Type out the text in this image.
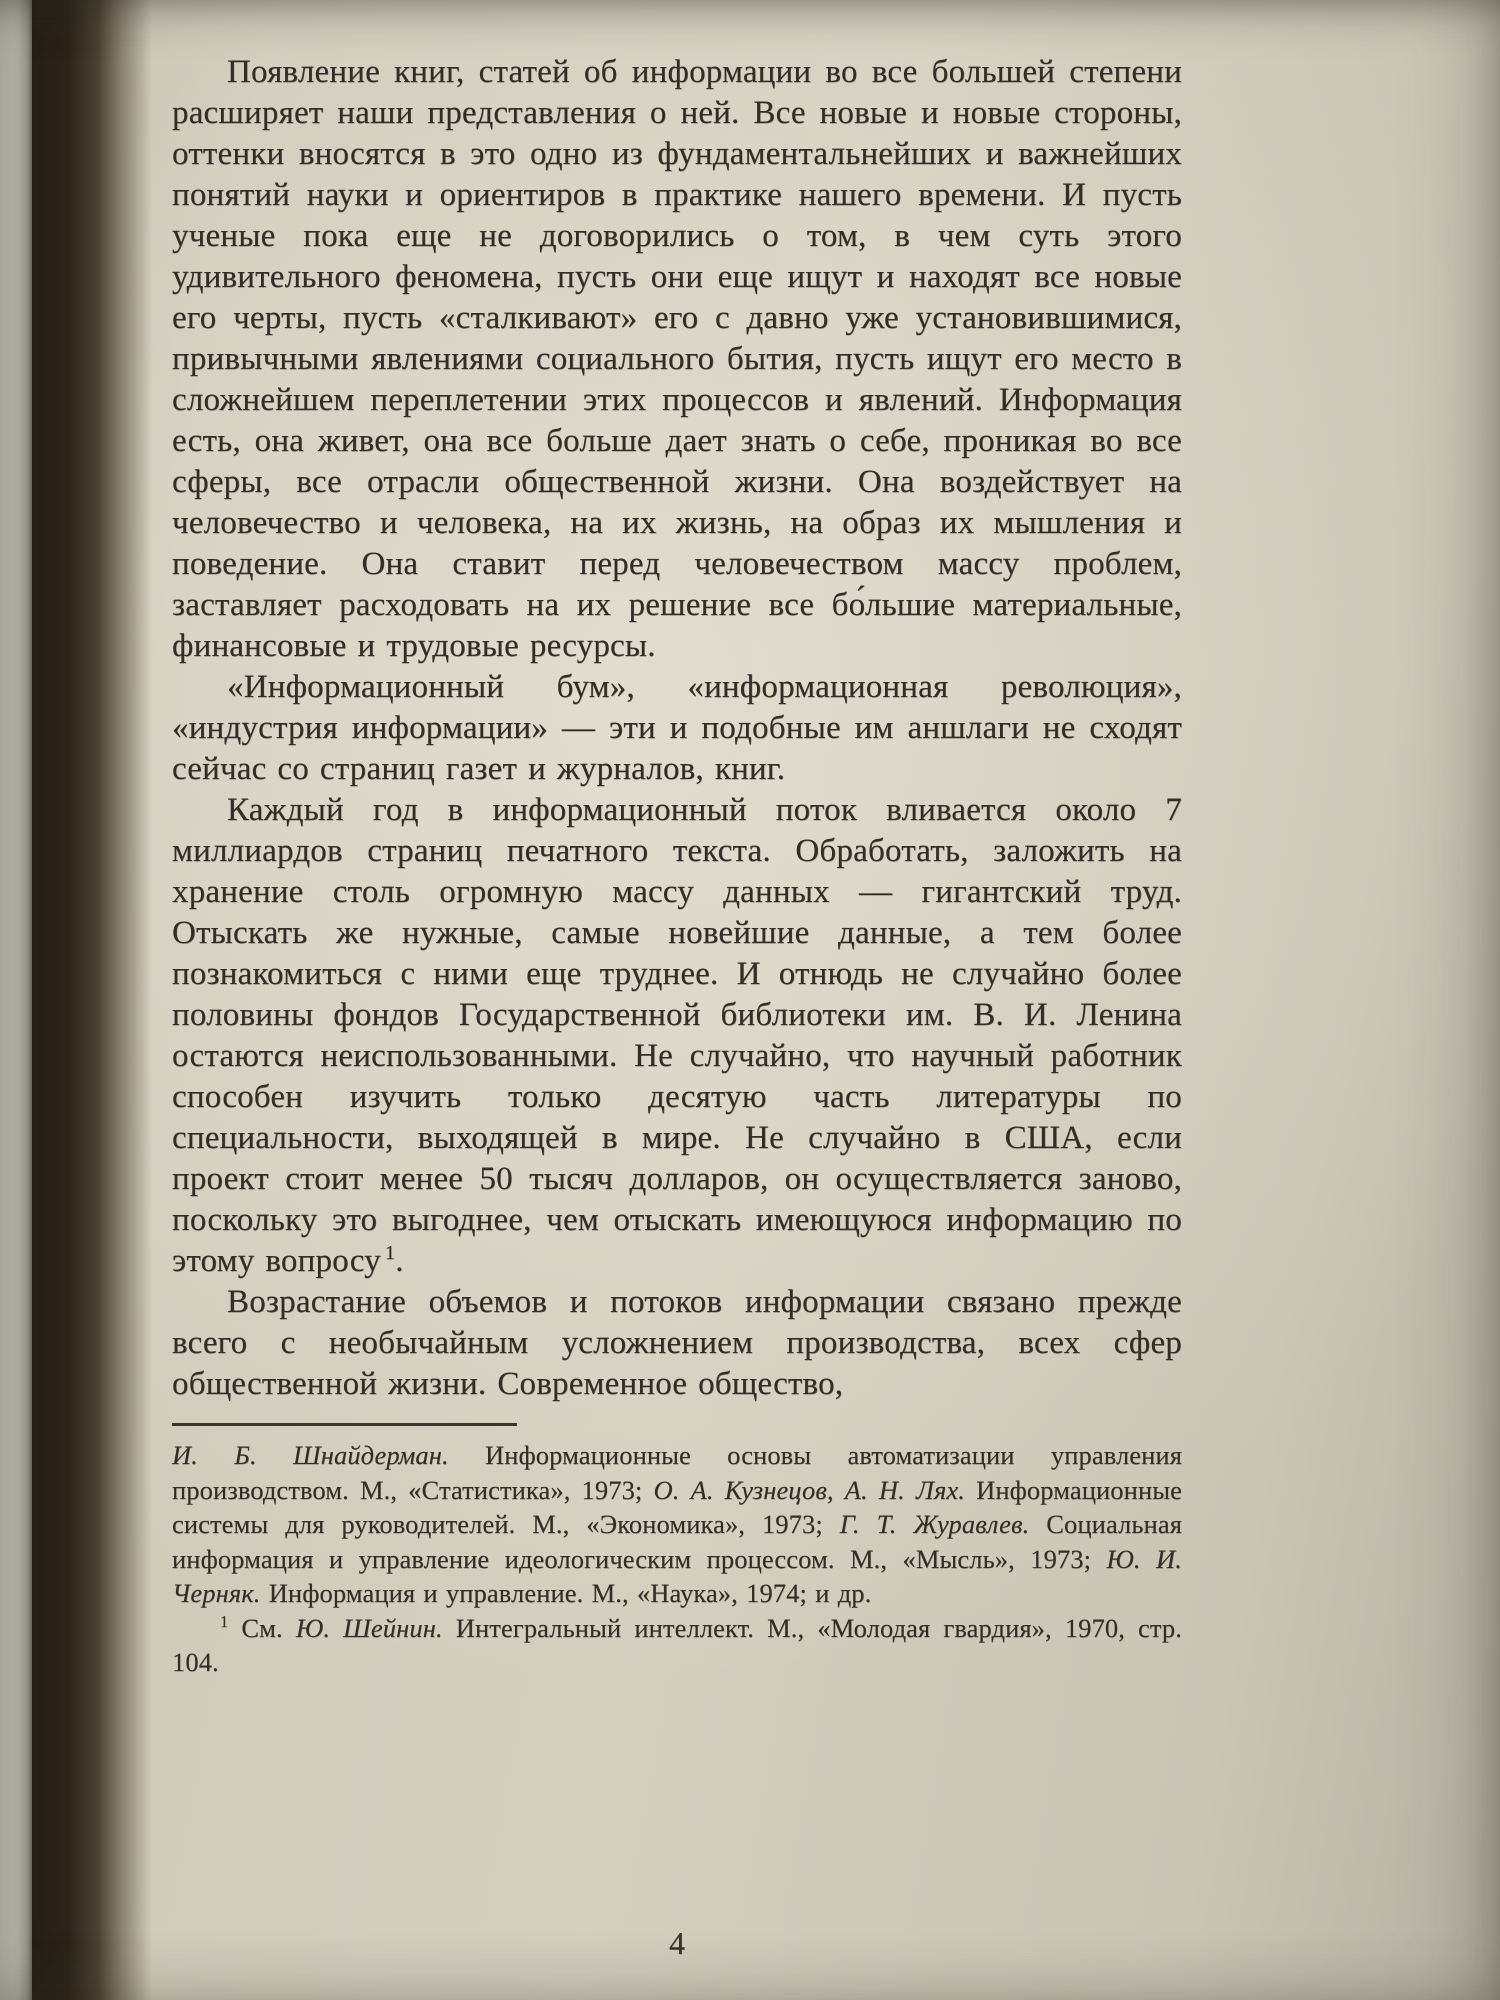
Появление книг, статей об информации во все большей степени расширяет наши представления о ней. Все новые и новые стороны, оттенки вносятся в это одно из фундаментальнейших и важнейших понятий науки и ориентиров в практике нашего времени. И пусть ученые пока еще не договорились о том, в чем суть этого удивительного феномена, пусть они еще ищут и находят все новые его черты, пусть «сталкивают» его с давно уже установившимися, привычными явлениями социального бытия, пусть ищут его место в сложнейшем переплетении этих процессов и явлений. Информация есть, она живет, она все больше дает знать о себе, проникая во все сферы, все отрасли общественной жизни. Она воздействует на человечество и человека, на их жизнь, на образ их мышления и поведение. Она ставит перед человечеством массу проблем, заставляет расходовать на их решение все бо́льшие материальные, финансовые и трудовые ресурсы.

«Информационный бум», «информационная революция», «индустрия информации» — эти и подобные им аншлаги не сходят сейчас со страниц газет и журналов, книг.

Каждый год в информационный поток вливается около 7 миллиардов страниц печатного текста. Обработать, заложить на хранение столь огромную массу данных — гигантский труд. Отыскать же нужные, самые новейшие данные, а тем более познакомиться с ними еще труднее. И отнюдь не случайно более половины фондов Государственной библиотеки им. В. И. Ленина остаются неиспользованными. Не случайно, что научный работник способен изучить только десятую часть литературы по специальности, выходящей в мире. Не случайно в США, если проект стоит менее 50 тысяч долларов, он осуществляется заново, поскольку это выгоднее, чем отыскать имеющуюся информацию по этому вопросу $^1$.

Возрастание объемов и потоков информации связано прежде всего с необычайным усложнением производства, всех сфер общественной жизни. Современное общество,

И. Б. Шнайдерман. Информационные основы автоматизации управления производством. М., «Статистика», 1973; О. А. Кузнецов, А. Н. Лях. Информационные системы для руководителей. М., «Экономика», 1973; Г. Т. Журавлев. Социальная информация и управление идеологическим процессом. М., «Мысль», 1973; Ю. И. Черняк. Информация и управление. М., «Наука», 1974; и др.

$^1$ См. Ю. Шейнин. Интегральный интеллект. М., «Молодая гвардия», 1970, стр. 104.

4
